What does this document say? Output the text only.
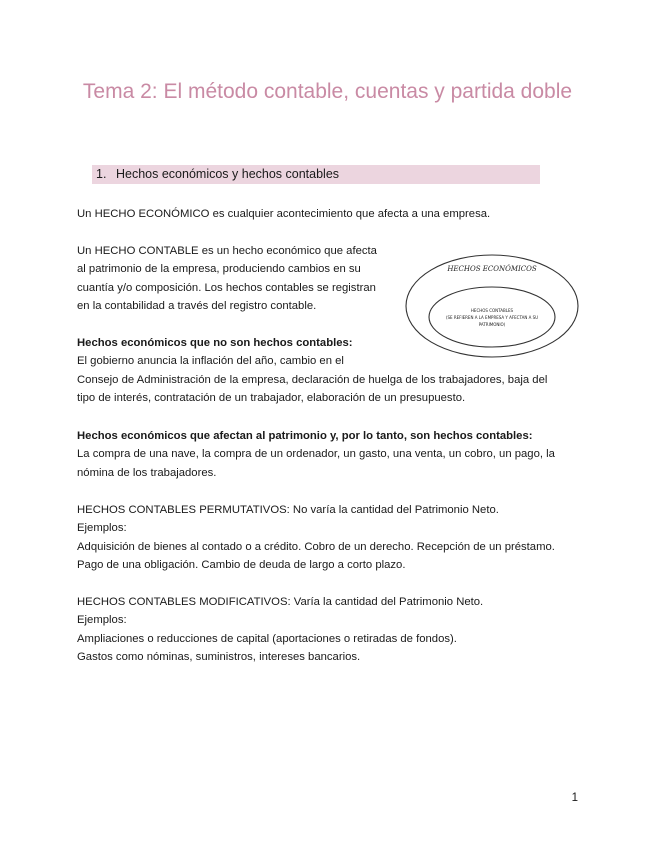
Tema 2: El método contable, cuentas y partida doble
1. Hechos económicos y hechos contables

Un HECHO ECONÓMICO es cualquier acontecimiento que afecta a una empresa.

Un HECHO CONTABLE es un hecho económico que afecta

al patrimonio de la empresa, produciendo cambios en su

cuantía y/o composición. Los hechos contables se registran

en la contabilidad a través del registro contable.

HECHOS ECONÓMICOS
HECHOS CONTABLES
(SE REFIEREN A LA EMPRESA Y AFECTAN A SU
PATRIMONIO)

Hechos económicos que no son hechos contables:

El gobierno anuncia la inflación del año, cambio en el

Consejo de Administración de la empresa, declaración de huelga de los trabajadores, baja del

tipo de interés, contratación de un trabajador, elaboración de un presupuesto.

Hechos económicos que afectan al patrimonio y, por lo tanto, son hechos contables:

La compra de una nave, la compra de un ordenador, un gasto, una venta, un cobro, un pago, la

nómina de los trabajadores.

HECHOS CONTABLES PERMUTATIVOS: No varía la cantidad del Patrimonio Neto.

Ejemplos:

Adquisición de bienes al contado o a crédito. Cobro de un derecho. Recepción de un préstamo.

Pago de una obligación. Cambio de deuda de largo a corto plazo.

HECHOS CONTABLES MODIFICATIVOS: Varía la cantidad del Patrimonio Neto.

Ejemplos:

Ampliaciones o reducciones de capital (aportaciones o retiradas de fondos).

Gastos como nóminas, suministros, intereses bancarios.

1
